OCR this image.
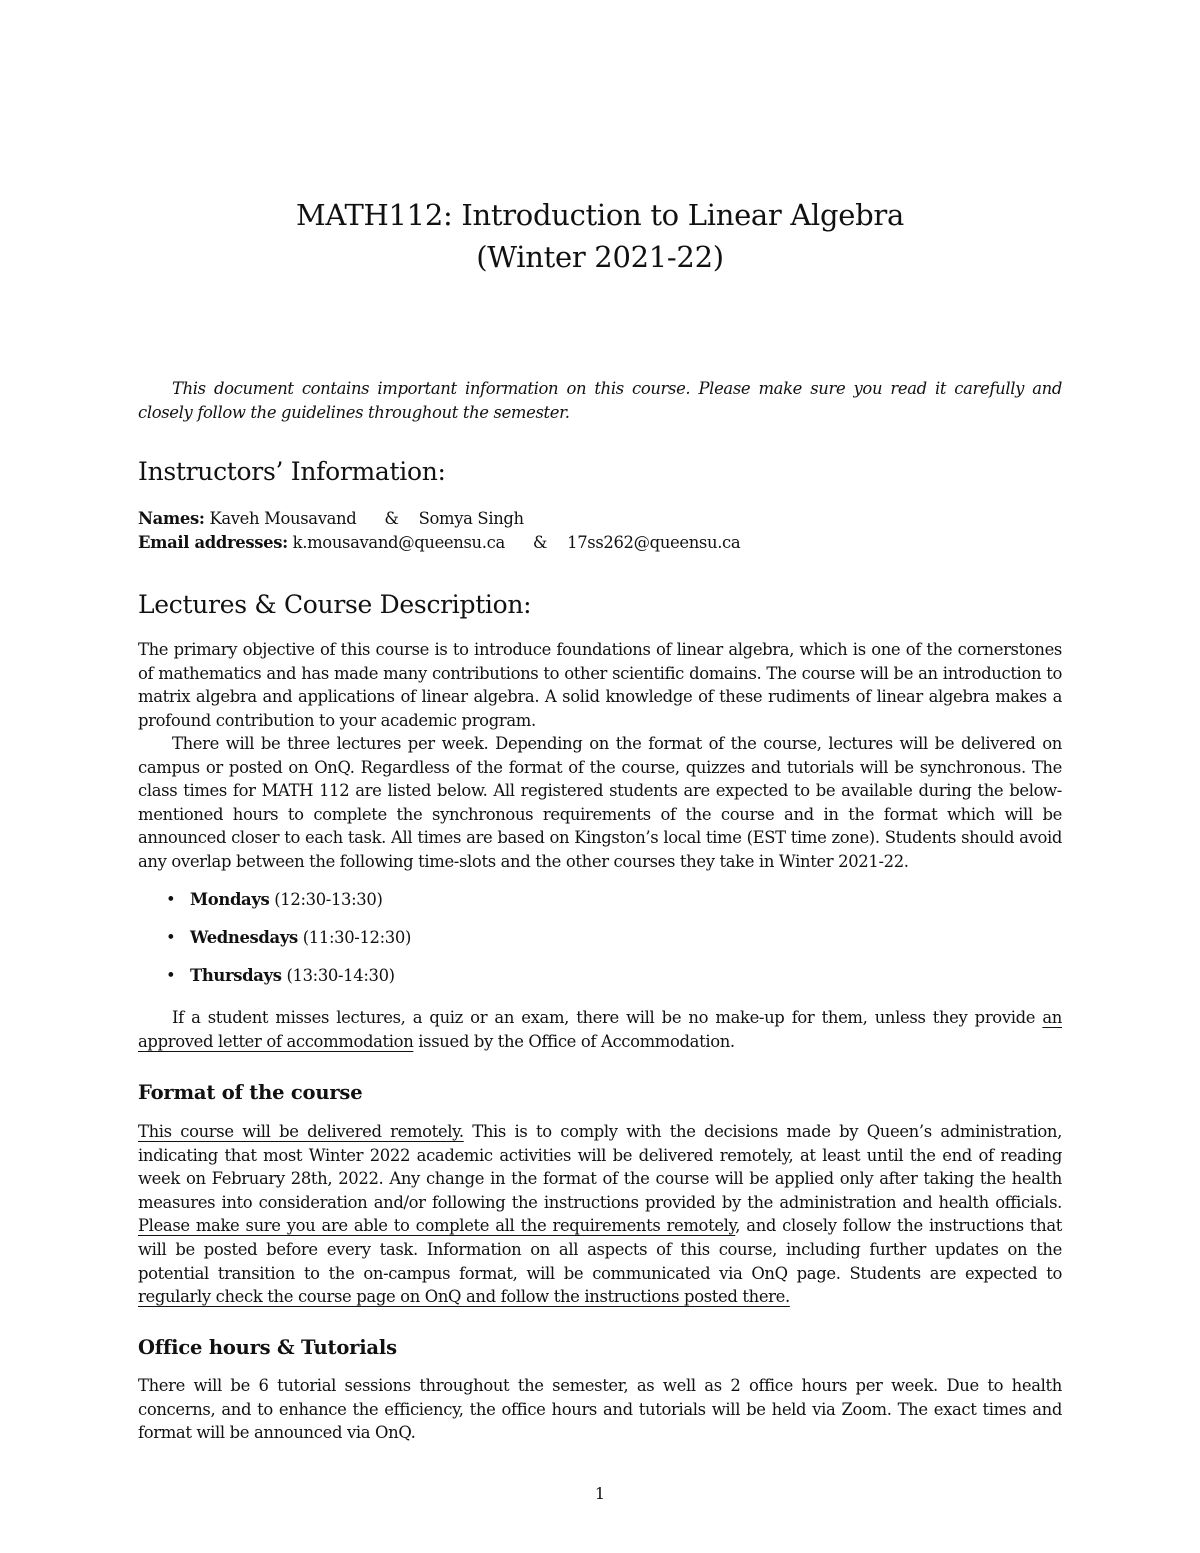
MATH112: Introduction to Linear Algebra
(Winter 2021-22)

This document contains important information on this course. Please make sure you read it carefully and closely follow the guidelines throughout the semester.

Instructors’ Information:
Names: Kaveh Mousavand & Somya Singh
Email addresses: k.mousavand@queensu.ca & 17ss262@queensu.ca
Lectures & Course Description:

The primary objective of this course is to introduce foundations of linear algebra, which is one of the cornerstones of mathematics and has made many contributions to other scientific domains. The course will be an introduction to matrix algebra and applications of linear algebra. A solid knowledge of these rudiments of linear algebra makes a profound contribution to your academic program.

There will be three lectures per week. Depending on the format of the course, lectures will be delivered on campus or posted on OnQ. Regardless of the format of the course, quizzes and tutorials will be synchronous. The class times for MATH 112 are listed below. All registered students are expected to be available during the below-mentioned hours to complete the synchronous requirements of the course and in the format which will be announced closer to each task. All times are based on Kingston’s local time (EST time zone). Students should avoid any overlap between the following time-slots and the other courses they take in Winter 2021-22.

• Mondays (12:30-13:30)
• Wednesdays (11:30-12:30)
• Thursdays (13:30-14:30)

If a student misses lectures, a quiz or an exam, there will be no make-up for them, unless they provide an approved letter of accommodation issued by the Office of Accommodation.

Format of the course

This course will be delivered remotely. This is to comply with the decisions made by Queen’s administration, indicating that most Winter 2022 academic activities will be delivered remotely, at least until the end of reading week on February 28th, 2022. Any change in the format of the course will be applied only after taking the health measures into consideration and/or following the instructions provided by the administration and health officials. Please make sure you are able to complete all the requirements remotely, and closely follow the instructions that will be posted before every task. Information on all aspects of this course, including further updates on the potential transition to the on-campus format, will be communicated via OnQ page. Students are expected to regularly check the course page on OnQ and follow the instructions posted there.

Office hours & Tutorials

There will be 6 tutorial sessions throughout the semester, as well as 2 office hours per week. Due to health concerns, and to enhance the efficiency, the office hours and tutorials will be held via Zoom. The exact times and format will be announced via OnQ.

1
